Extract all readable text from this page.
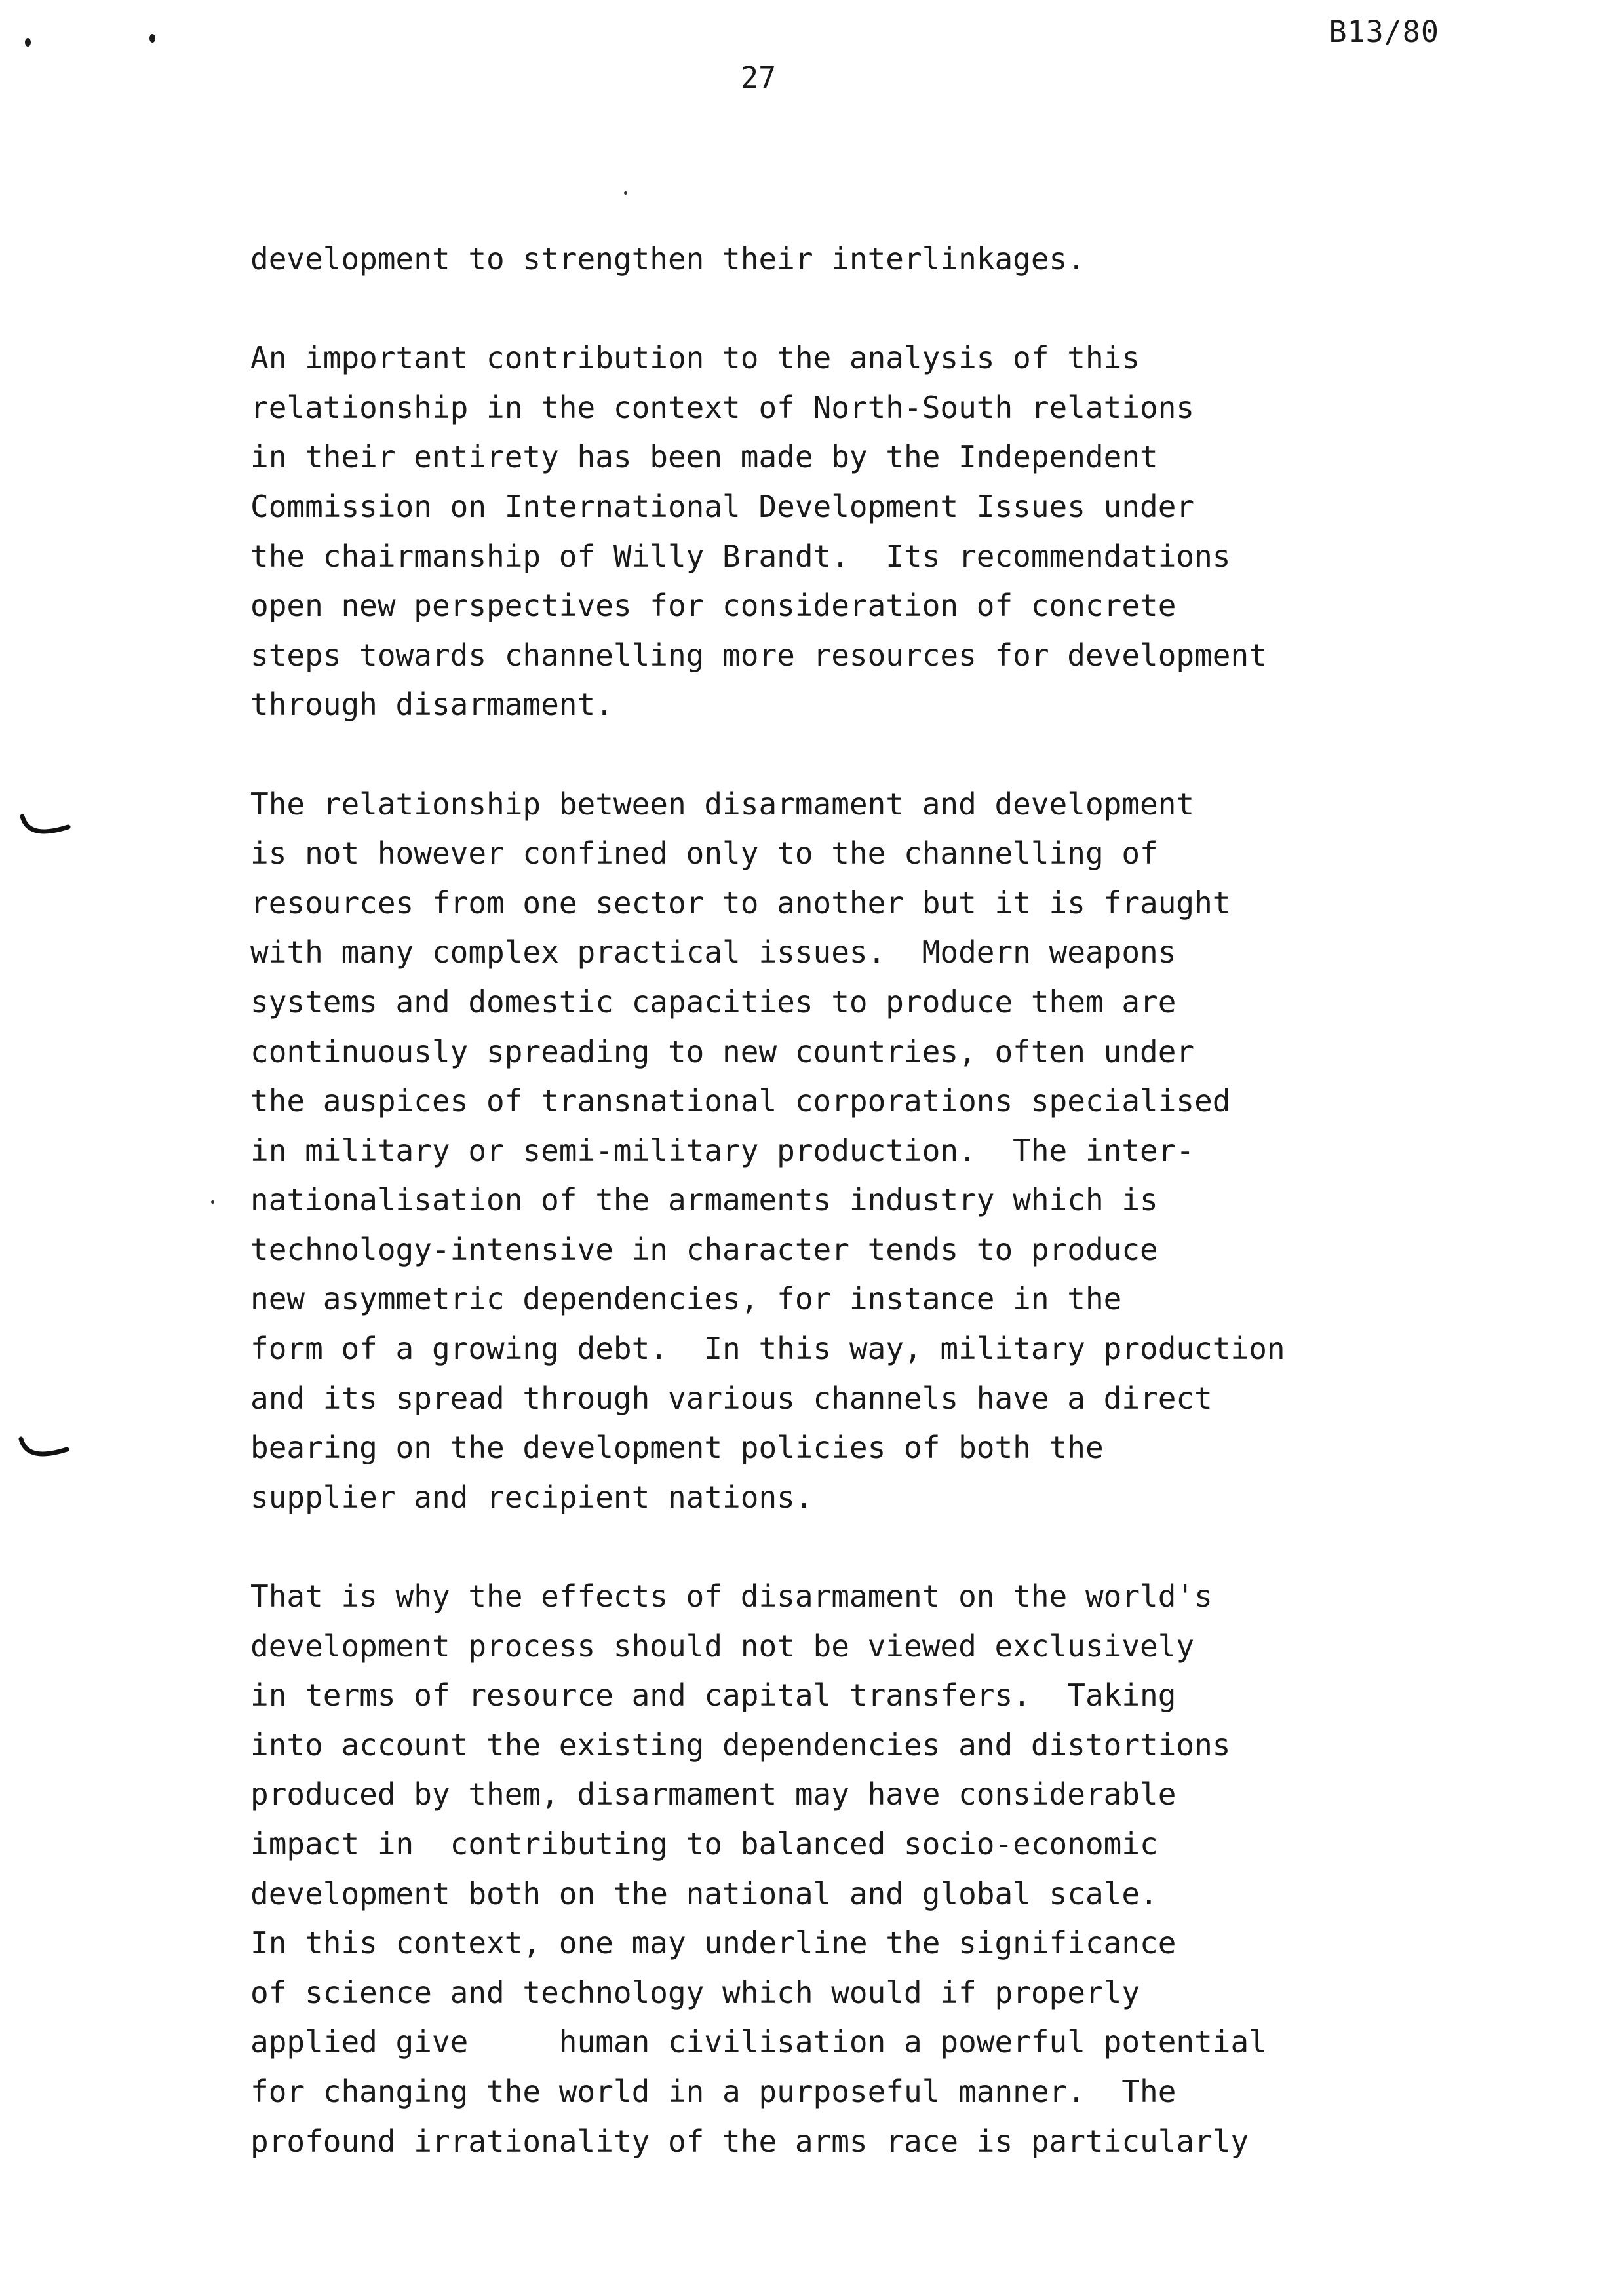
B13/80
27
development to strengthen their interlinkages.
An important contribution to the analysis of this
relationship in the context of North-South relations
in their entirety has been made by the Independent
Commission on International Development Issues under
the chairmanship of Willy Brandt.  Its recommendations
open new perspectives for consideration of concrete
steps towards channelling more resources for development
through disarmament.
The relationship between disarmament and development
is not however confined only to the channelling of
resources from one sector to another but it is fraught
with many complex practical issues.  Modern weapons
systems and domestic capacities to produce them are
continuously spreading to new countries, often under
the auspices of transnational corporations specialised
in military or semi-military production.  The inter-
nationalisation of the armaments industry which is
technology-intensive in character tends to produce
new asymmetric dependencies, for instance in the
form of a growing debt.  In this way, military production
and its spread through various channels have a direct
bearing on the development policies of both the
supplier and recipient nations.
That is why the effects of disarmament on the world's
development process should not be viewed exclusively
in terms of resource and capital transfers.  Taking
into account the existing dependencies and distortions
produced by them, disarmament may have considerable
impact in  contributing to balanced socio-economic
development both on the national and global scale.
In this context, one may underline the significance
of science and technology which would if properly
applied give     human civilisation a powerful potential
for changing the world in a purposeful manner.  The
profound irrationality of the arms race is particularly
